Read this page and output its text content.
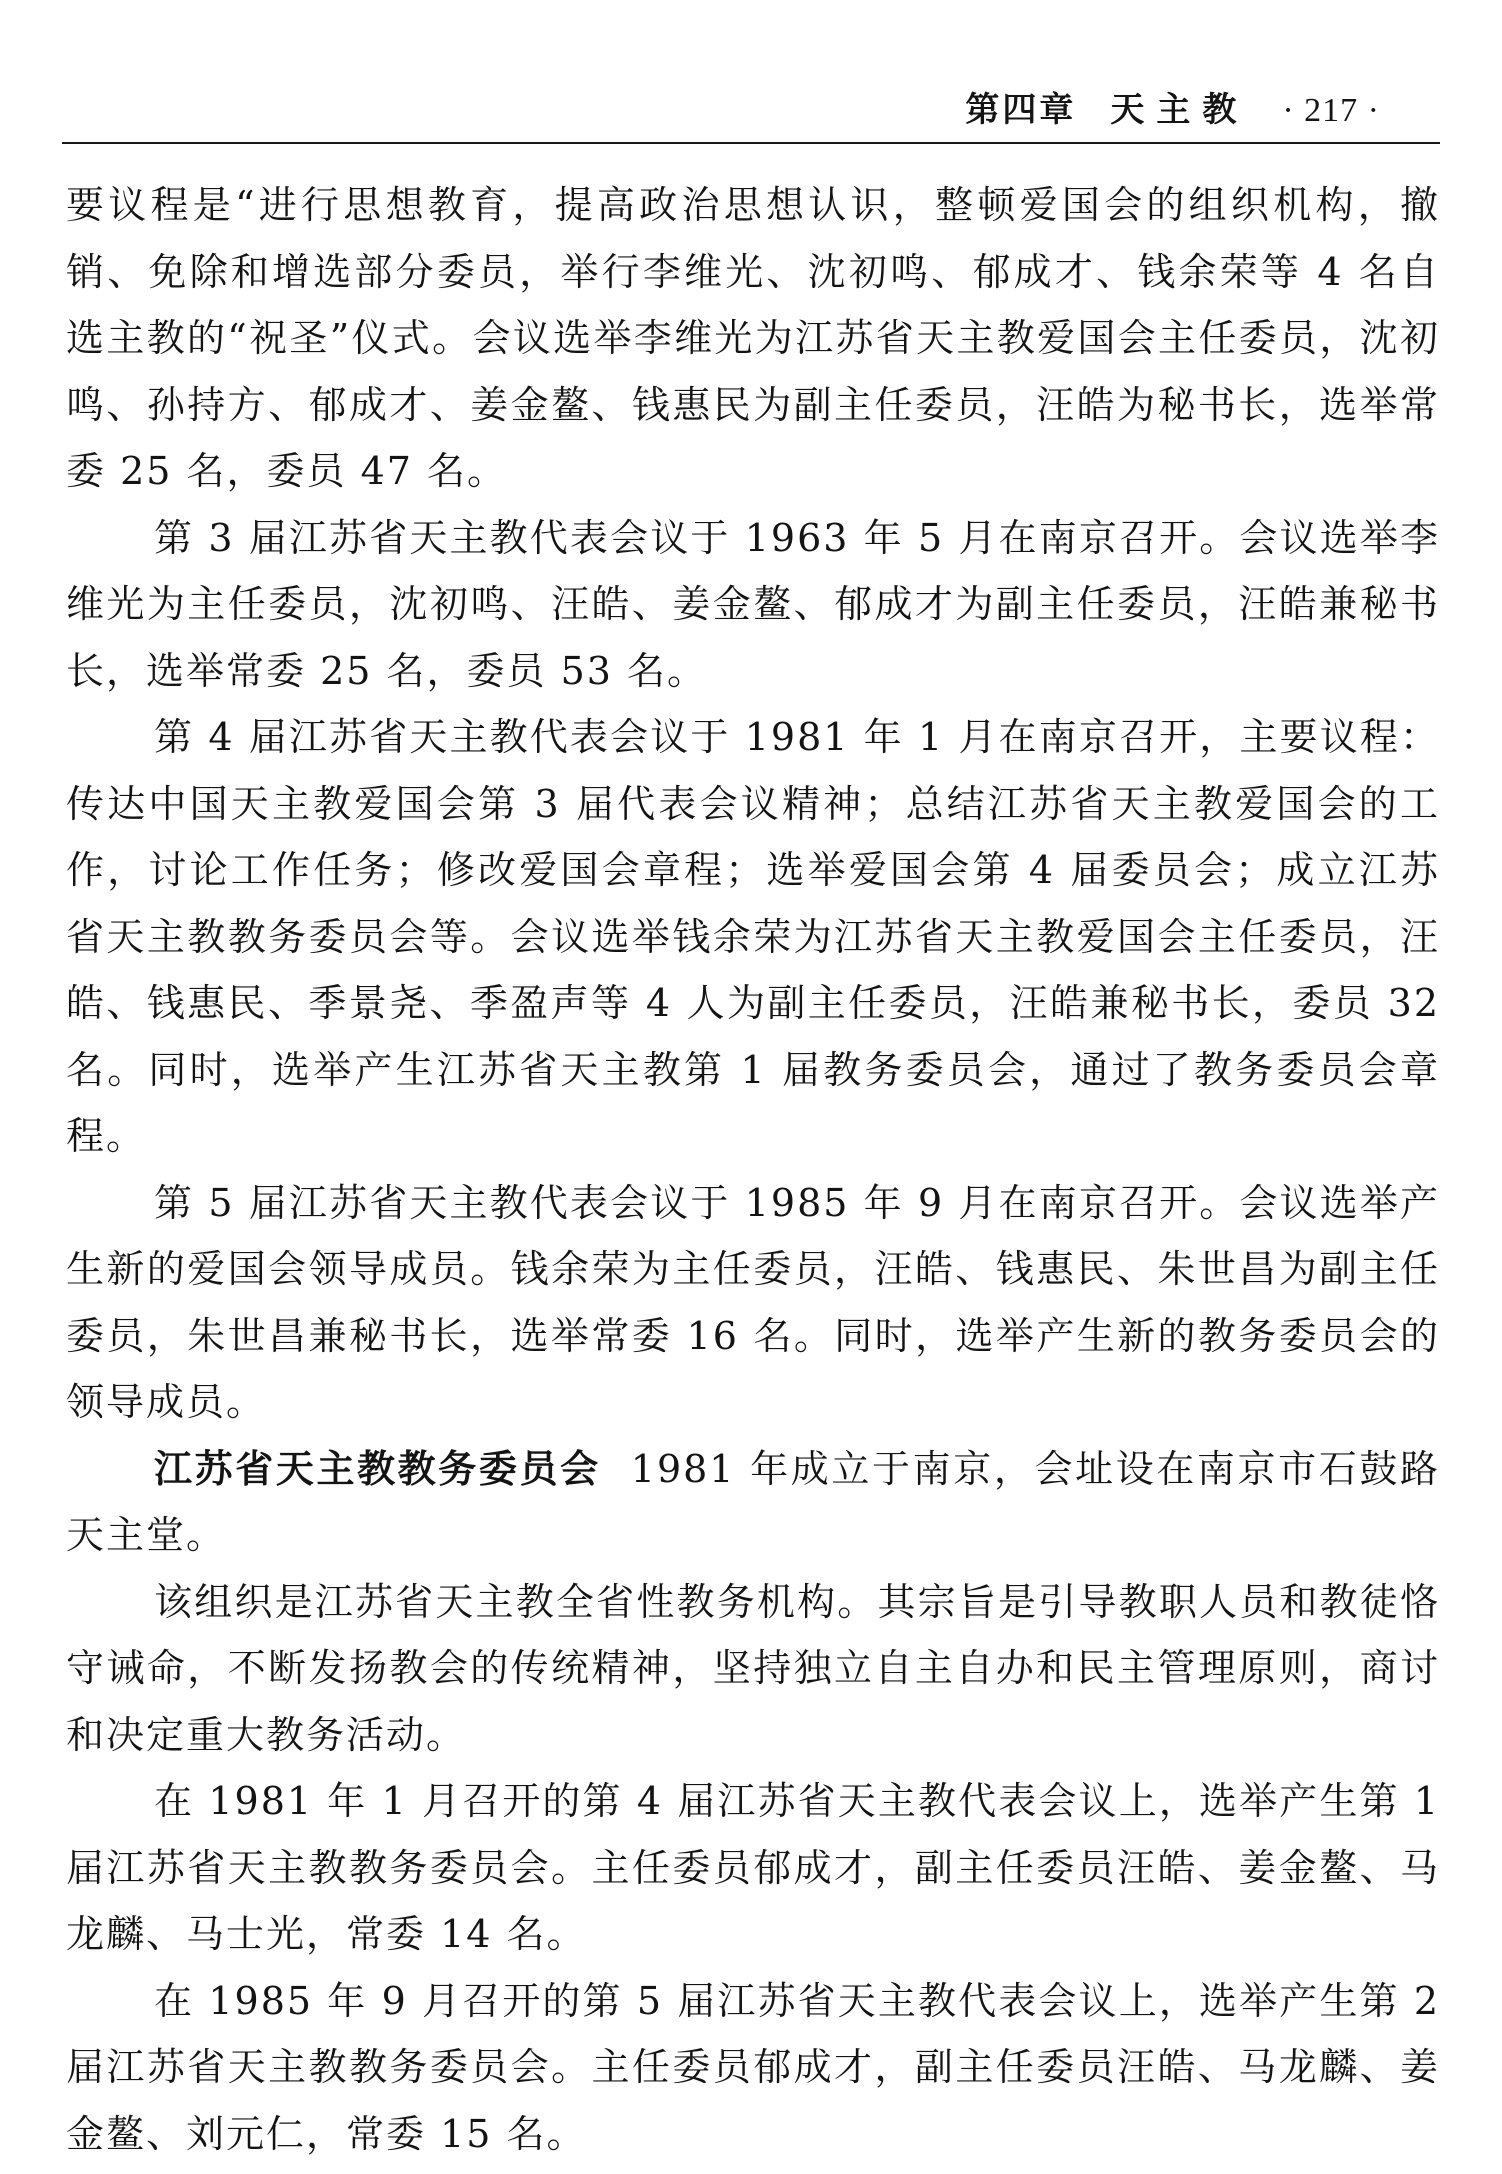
第四章 天主教 · 217 ·

要议程是“进行思想教育，提高政治思想认识，整顿爱国会的组织机构，撤销、免除和增选部分委员，举行李维光、沈初鸣、郁成才、钱余荣等 4 名自选主教的“祝圣”仪式。会议选举李维光为江苏省天主教爱国会主任委员，沈初鸣、孙持方、郁成才、姜金鳌、钱惠民为副主任委员，汪皓为秘书长，选举常委 25 名，委员 47 名。

第 3 届江苏省天主教代表会议于 1963 年 5 月在南京召开。会议选举李维光为主任委员，沈初鸣、汪皓、姜金鳌、郁成才为副主任委员，汪皓兼秘书长，选举常委 25 名，委员 53 名。

第 4 届江苏省天主教代表会议于 1981 年 1 月在南京召开，主要议程：传达中国天主教爱国会第 3 届代表会议精神；总结江苏省天主教爱国会的工作，讨论工作任务；修改爱国会章程；选举爱国会第 4 届委员会；成立江苏省天主教教务委员会等。会议选举钱余荣为江苏省天主教爱国会主任委员，汪皓、钱惠民、季景尧、季盈声等 4 人为副主任委员，汪皓兼秘书长，委员 32 名。同时，选举产生江苏省天主教第 1 届教务委员会，通过了教务委员会章程。

第 5 届江苏省天主教代表会议于 1985 年 9 月在南京召开。会议选举产生新的爱国会领导成员。钱余荣为主任委员，汪皓、钱惠民、朱世昌为副主任委员，朱世昌兼秘书长，选举常委 16 名。同时，选举产生新的教务委员会的领导成员。

江苏省天主教教务委员会 1981 年成立于南京，会址设在南京市石鼓路天主堂。

该组织是江苏省天主教全省性教务机构。其宗旨是引导教职人员和教徒恪守诫命，不断发扬教会的传统精神，坚持独立自主自办和民主管理原则，商讨和决定重大教务活动。

在 1981 年 1 月召开的第 4 届江苏省天主教代表会议上，选举产生第 1 届江苏省天主教教务委员会。主任委员郁成才，副主任委员汪皓、姜金鳌、马龙麟、马士光，常委 14 名。

在 1985 年 9 月召开的第 5 届江苏省天主教代表会议上，选举产生第 2 届江苏省天主教教务委员会。主任委员郁成才，副主任委员汪皓、马龙麟、姜金鳌、刘元仁，常委 15 名。
